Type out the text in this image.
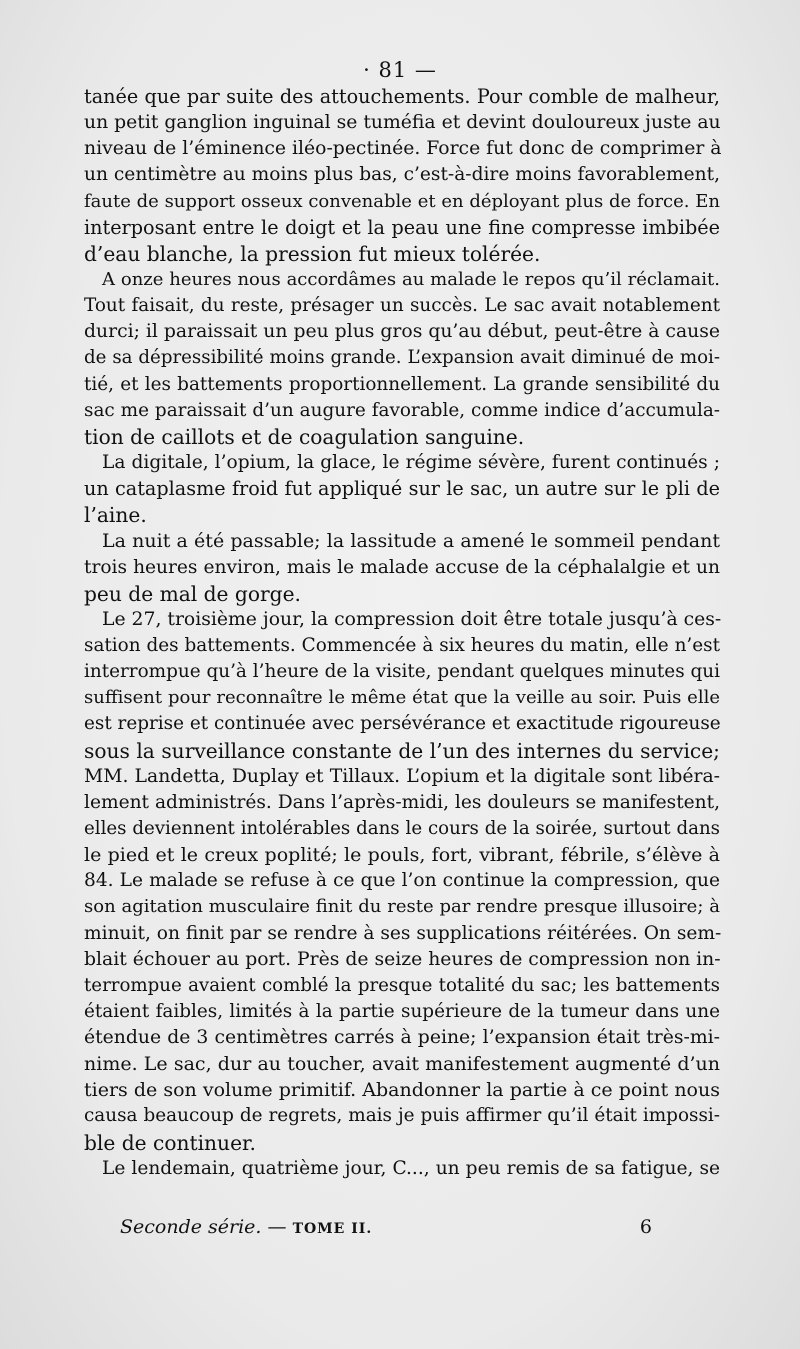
· 81 —
tanée que par suite des attouchements. Pour comble de malheur,
un petit ganglion inguinal se tuméfia et devint douloureux juste au
niveau de l’éminence iléo-pectinée. Force fut donc de comprimer à
un centimètre au moins plus bas, c’est-à-dire moins favorablement,
faute de support osseux convenable et en déployant plus de force. En
interposant entre le doigt et la peau une fine compresse imbibée
d’eau blanche, la pression fut mieux tolérée.
A onze heures nous accordâmes au malade le repos qu’il réclamait.
Tout faisait, du reste, présager un succès. Le sac avait notablement
durci; il paraissait un peu plus gros qu’au début, peut-être à cause
de sa dépressibilité moins grande. L’expansion avait diminué de moi-
tié, et les battements proportionnellement. La grande sensibilité du
sac me paraissait d’un augure favorable, comme indice d’accumula-
tion de caillots et de coagulation sanguine.
La digitale, l’opium, la glace, le régime sévère, furent continués ;
un cataplasme froid fut appliqué sur le sac, un autre sur le pli de
l’aine.
La nuit a été passable; la lassitude a amené le sommeil pendant
trois heures environ, mais le malade accuse de la céphalalgie et un
peu de mal de gorge.
Le 27, troisième jour, la compression doit être totale jusqu’à ces-
sation des battements. Commencée à six heures du matin, elle n’est
interrompue qu’à l’heure de la visite, pendant quelques minutes qui
suffisent pour reconnaître le même état que la veille au soir. Puis elle
est reprise et continuée avec persévérance et exactitude rigoureuse
sous la surveillance constante de l’un des internes du service;
MM. Landetta, Duplay et Tillaux. L’opium et la digitale sont libéra-
lement administrés. Dans l’après-midi, les douleurs se manifestent,
elles deviennent intolérables dans le cours de la soirée, surtout dans
le pied et le creux poplité; le pouls, fort, vibrant, fébrile, s’élève à
84. Le malade se refuse à ce que l’on continue la compression, que
son agitation musculaire finit du reste par rendre presque illusoire; à
minuit, on finit par se rendre à ses supplications réitérées. On sem-
blait échouer au port. Près de seize heures de compression non in-
terrompue avaient comblé la presque totalité du sac; les battements
étaient faibles, limités à la partie supérieure de la tumeur dans une
étendue de 3 centimètres carrés à peine; l’expansion était très-mi-
nime. Le sac, dur au toucher, avait manifestement augmenté d’un
tiers de son volume primitif. Abandonner la partie à ce point nous
causa beaucoup de regrets, mais je puis affirmer qu’il était impossi-
ble de continuer.
Le lendemain, quatrième jour, C..., un peu remis de sa fatigue, se
Seconde série. — TOME II.	6
